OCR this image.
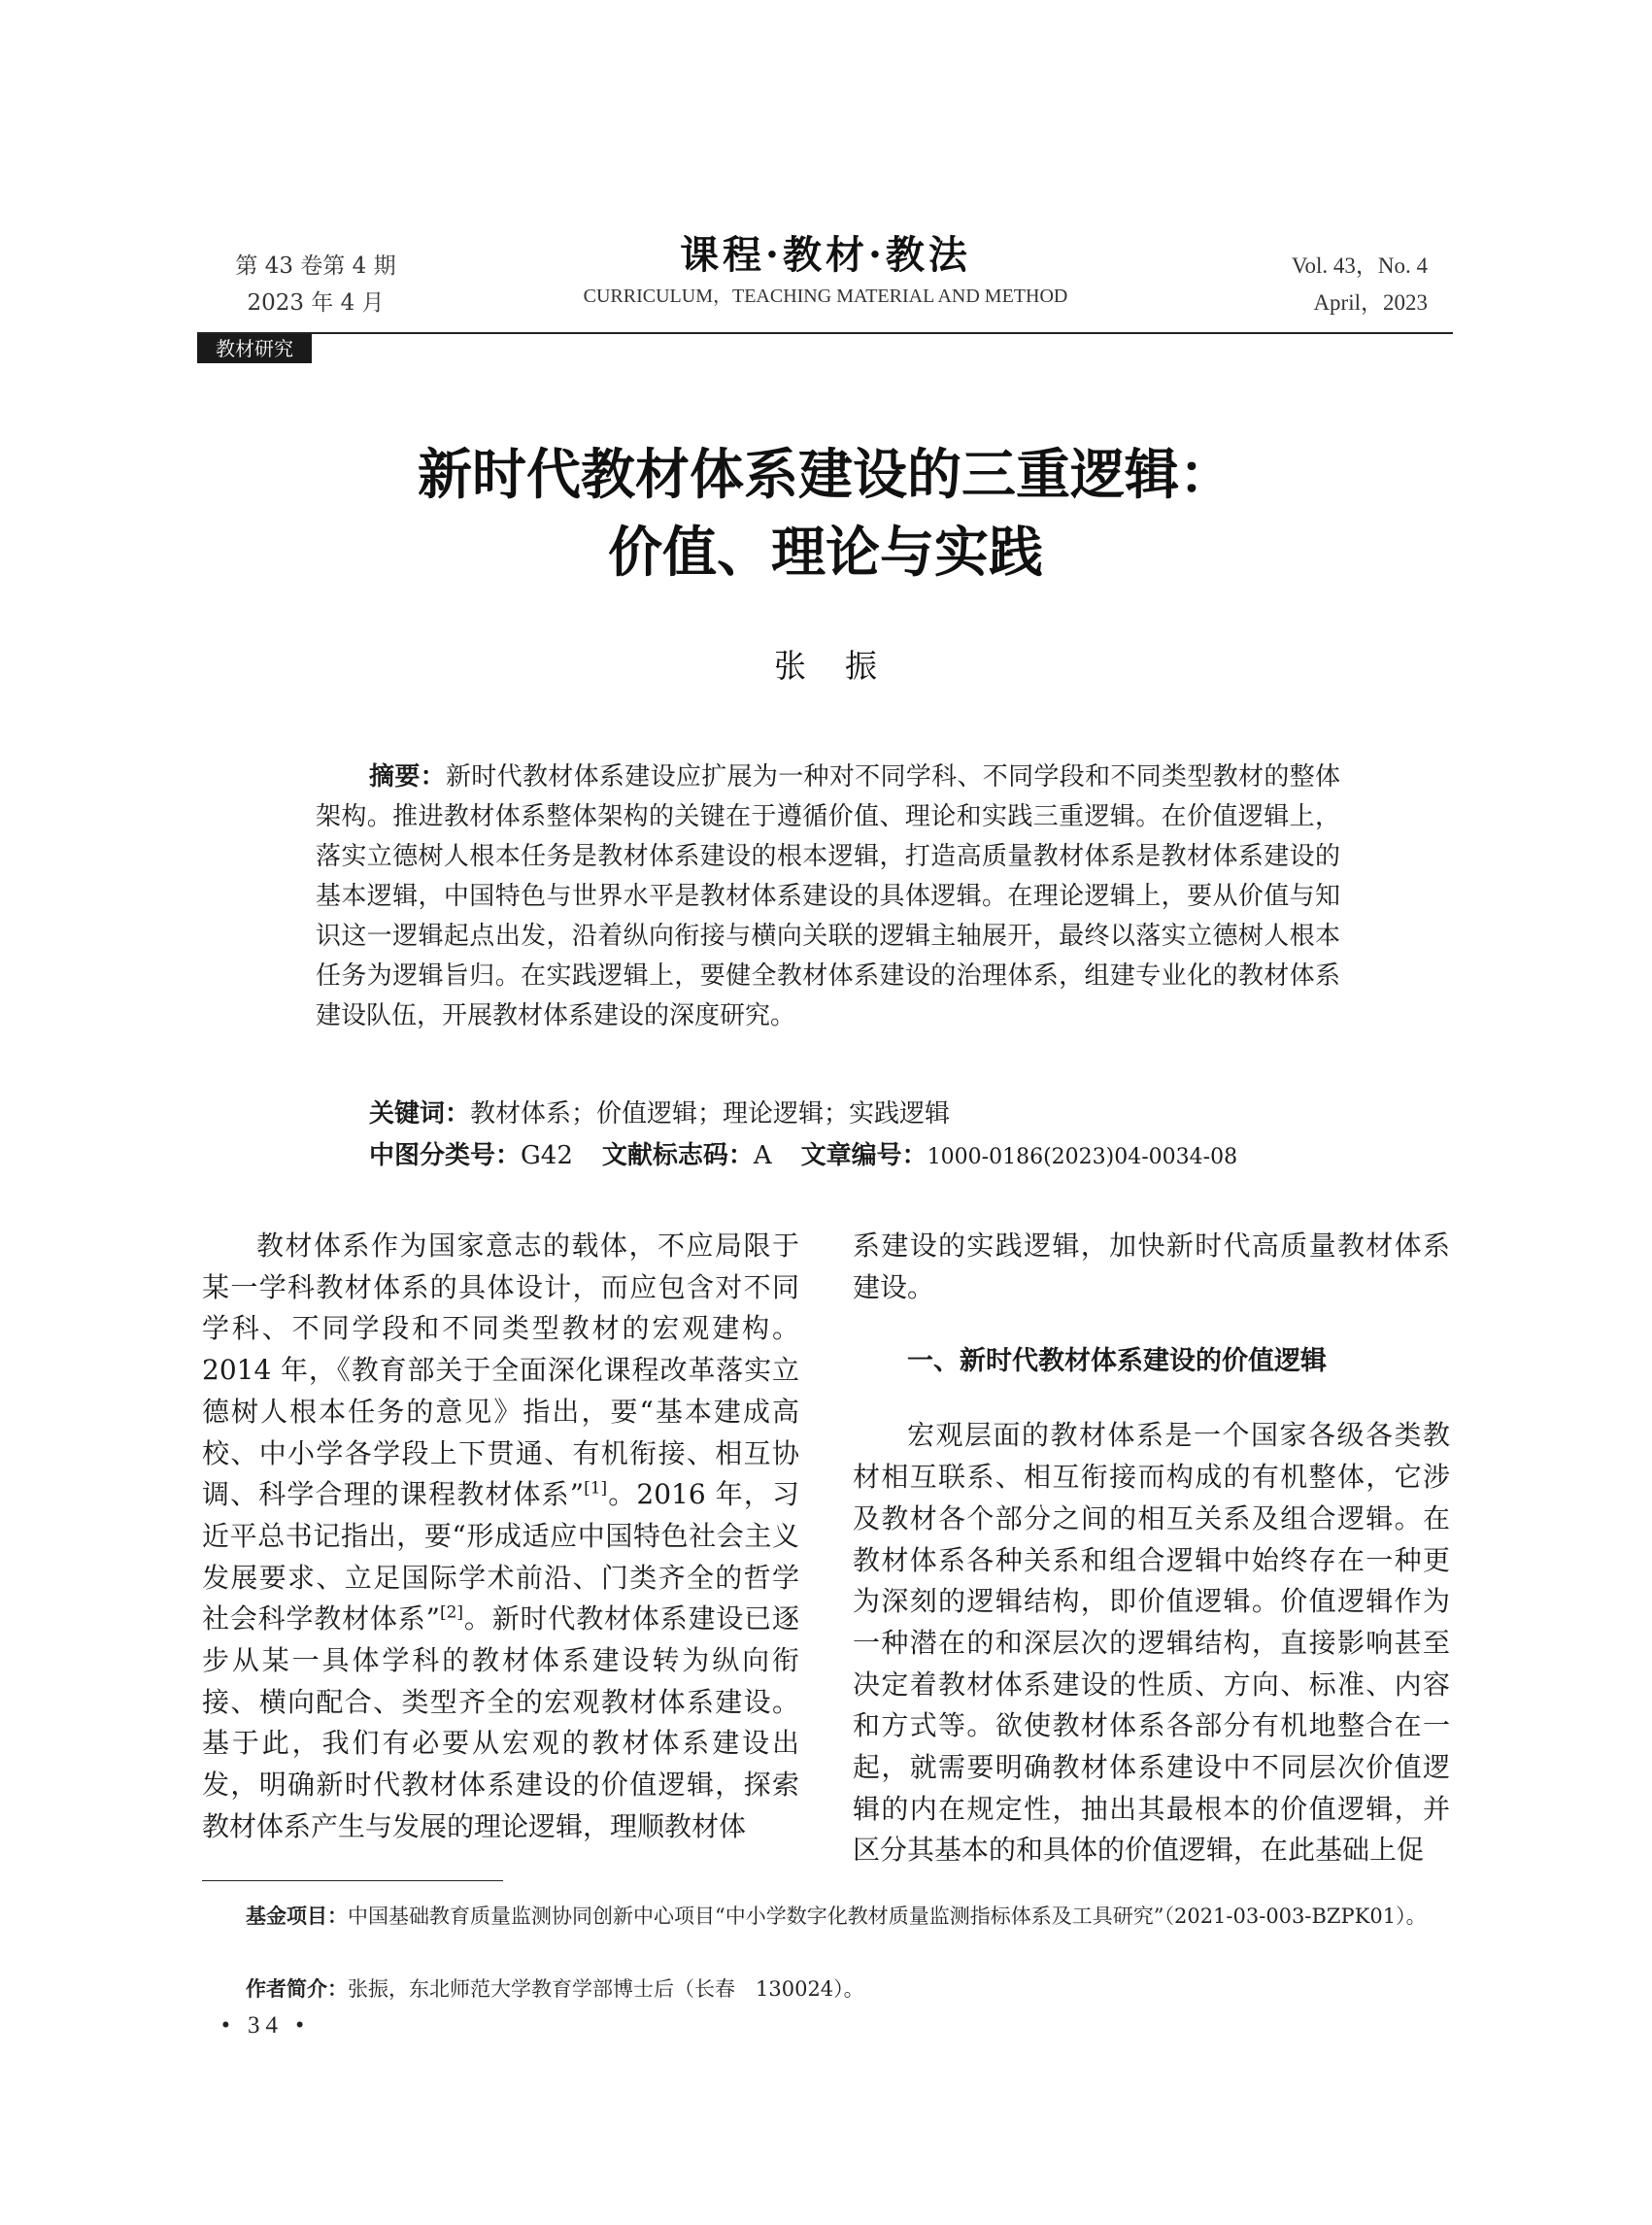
第 43 卷第 4 期
2023 年 4 月
课程·教材·教法
CURRICULUM，TEACHING MATERIAL AND METHOD
Vol. 43，No. 4
April，2023
教材研究
新时代教材体系建设的三重逻辑：
价值、理论与实践
张振
摘要：新时代教材体系建设应扩展为一种对不同学科、不同学段和不同类型教材的整体架构。推进教材体系整体架构的关键在于遵循价值、理论和实践三重逻辑。在价值逻辑上，落实立德树人根本任务是教材体系建设的根本逻辑，打造高质量教材体系是教材体系建设的基本逻辑，中国特色与世界水平是教材体系建设的具体逻辑。在理论逻辑上，要从价值与知识这一逻辑起点出发，沿着纵向衔接与横向关联的逻辑主轴展开，最终以落实立德树人根本任务为逻辑旨归。在实践逻辑上，要健全教材体系建设的治理体系，组建专业化的教材体系建设队伍，开展教材体系建设的深度研究。
关键词：教材体系；价值逻辑；理论逻辑；实践逻辑
中图分类号：G42 文献标志码：A 文章编号：1000-0186(2023)04-0034-08

教材体系作为国家意志的载体，不应局限于某一学科教材体系的具体设计，而应包含对不同学科、不同学段和不同类型教材的宏观建构。2014 年，《教育部关于全面深化课程改革落实立德树人根本任务的意见》指出，要“基本建成高校、中小学各学段上下贯通、有机衔接、相互协调、科学合理的课程教材体系”[1]。2016 年，习近平总书记指出，要“形成适应中国特色社会主义发展要求、立足国际学术前沿、门类齐全的哲学社会科学教材体系”[2]。新时代教材体系建设已逐步从某一具体学科的教材体系建设转为纵向衔接、横向配合、类型齐全的宏观教材体系建设。基于此，我们有必要从宏观的教材体系建设出发，明确新时代教材体系建设的价值逻辑，探索教材体系产生与发展的理论逻辑，理顺教材体

系建设的实践逻辑，加快新时代高质量教材体系建设。

一、新时代教材体系建设的价值逻辑

宏观层面的教材体系是一个国家各级各类教材相互联系、相互衔接而构成的有机整体，它涉及教材各个部分之间的相互关系及组合逻辑。在教材体系各种关系和组合逻辑中始终存在一种更为深刻的逻辑结构，即价值逻辑。价值逻辑作为一种潜在的和深层次的逻辑结构，直接影响甚至决定着教材体系建设的性质、方向、标准、内容和方式等。欲使教材体系各部分有机地整合在一起，就需要明确教材体系建设中不同层次价值逻辑的内在规定性，抽出其最根本的价值逻辑，并区分其基本的和具体的价值逻辑，在此基础上促

基金项目：中国基础教育质量监测协同创新中心项目“中小学数字化教材质量监测指标体系及工具研究”（2021-03-003-BZPK01）。
作者简介：张振，东北师范大学教育学部博士后（长春　130024）。
• 34 •
